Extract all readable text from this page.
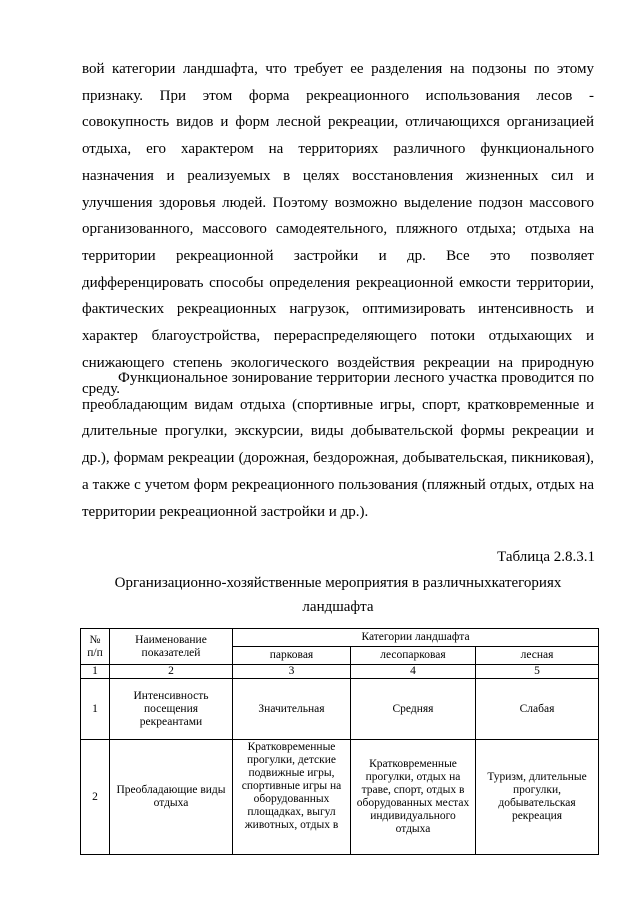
вой категории ландшафта, что требует ее разделения на подзоны по этому признаку. При этом форма рекреационного использования лесов - совокупность видов и форм лесной рекреации, отличающихся организацией отдыха, его характером на территориях различного функционального назначения и реализуемых в целях восстановления жизненных сил и улучшения здоровья людей. Поэтому возможно выделение подзон массового организованного, массового самодеятельного, пляжного отдыха; отдыха на территории рекреационной застройки и др. Все это позволяет дифференцировать способы определения рекреационной емкости территории, фактических рекреационных нагрузок, оптимизировать интенсивность и характер благоустройства, перераспределяющего потоки отдыхающих и снижающего степень экологического воздействия рекреации на природную среду.

Функциональное зонирование территории лесного участка проводится по преобладающим видам отдыха (спортивные игры, спорт, кратковременные и длительные прогулки, экскурсии, виды добывательской формы рекреации и др.), формам рекреации (дорожная, бездорожная, добывательская, пикниковая), а также с учетом форм рекреационного пользования (пляжный отдых, отдых на территории рекреационной застройки и др.).

Таблица 2.8.3.1
Организационно-хозяйственные мероприятия в различныхкатегориях ландшафта
№ п/п	Наименование показателей	Категории ландшафта		
		парковая	лесопарковая	лесная
1	2	3	4	5
1	Интенсивность посещения рекреантами	Значительная	Средняя	Слабая
2	Преобладающие виды отдыха	Кратковременные прогулки, детские подвижные игры, спортивные игры на оборудованных площадках, выгул животных, отдых в	Кратковременные прогулки, отдых на траве, спорт, отдых в оборудованных местах индивидуального отдыха	Туризм, длительные прогулки, добывательская рекреация
